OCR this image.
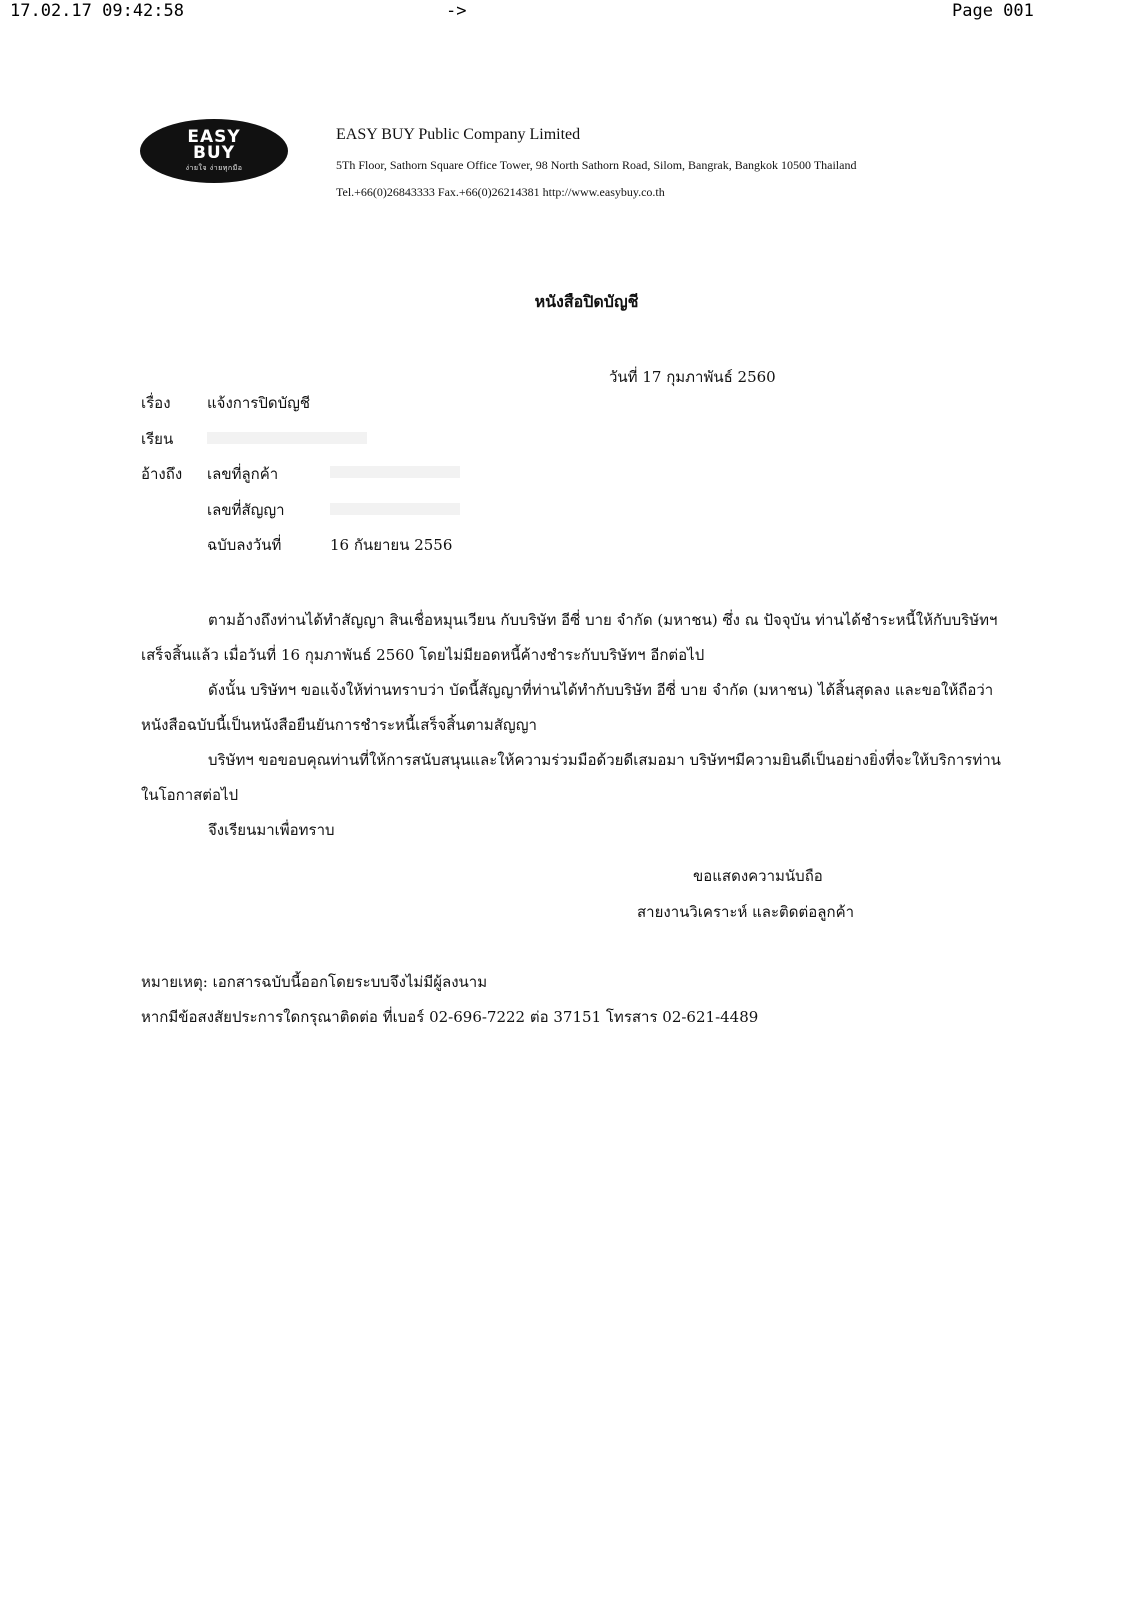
17.02.17 09:42:58	->	Page 001
EASY
BUY
ง่ายใจ ง่ายทุกมือ
EASY BUY Public Company Limited
5Th Floor, Sathorn Square Office Tower, 98 North Sathorn Road, Silom, Bangrak, Bangkok 10500 Thailand
Tel.+66(0)26843333 Fax.+66(0)26214381 http://www.easybuy.co.th
หนังสือปิดบัญชี
วันที่ 17 กุมภาพันธ์ 2560
เรื่อง แจ้งการปิดบัญชี
เรียน
อ้างถึง เลขที่ลูกค้า
เลขที่สัญญา
ฉบับลงวันที่	16 กันยายน 2556

ตามอ้างถึงท่านได้ทำสัญญา สินเชื่อหมุนเวียน กับบริษัท อีซี่ บาย จำกัด (มหาชน) ซึ่ง ณ ปัจจุบัน ท่านได้ชำระหนี้ให้กับบริษัทฯ เสร็จสิ้นแล้ว เมื่อวันที่ 16 กุมภาพันธ์ 2560 โดยไม่มียอดหนี้ค้างชำระกับบริษัทฯ อีกต่อไป

ดังนั้น บริษัทฯ ขอแจ้งให้ท่านทราบว่า บัดนี้สัญญาที่ท่านได้ทำกับบริษัท อีซี่ บาย จำกัด (มหาชน) ได้สิ้นสุดลง และขอให้ถือว่าหนังสือฉบับนี้เป็นหนังสือยืนยันการชำระหนี้เสร็จสิ้นตามสัญญา

บริษัทฯ ขอขอบคุณท่านที่ให้การสนับสนุนและให้ความร่วมมือด้วยดีเสมอมา บริษัทฯมีความยินดีเป็นอย่างยิ่งที่จะให้บริการท่านในโอกาสต่อไป

จึงเรียนมาเพื่อทราบ

ขอแสดงความนับถือ
สายงานวิเคราะห์ และติดต่อลูกค้า
หมายเหตุ: เอกสารฉบับนี้ออกโดยระบบจึงไม่มีผู้ลงนาม
หากมีข้อสงสัยประการใดกรุณาติดต่อ ที่เบอร์ 02-696-7222 ต่อ 37151 โทรสาร 02-621-4489
